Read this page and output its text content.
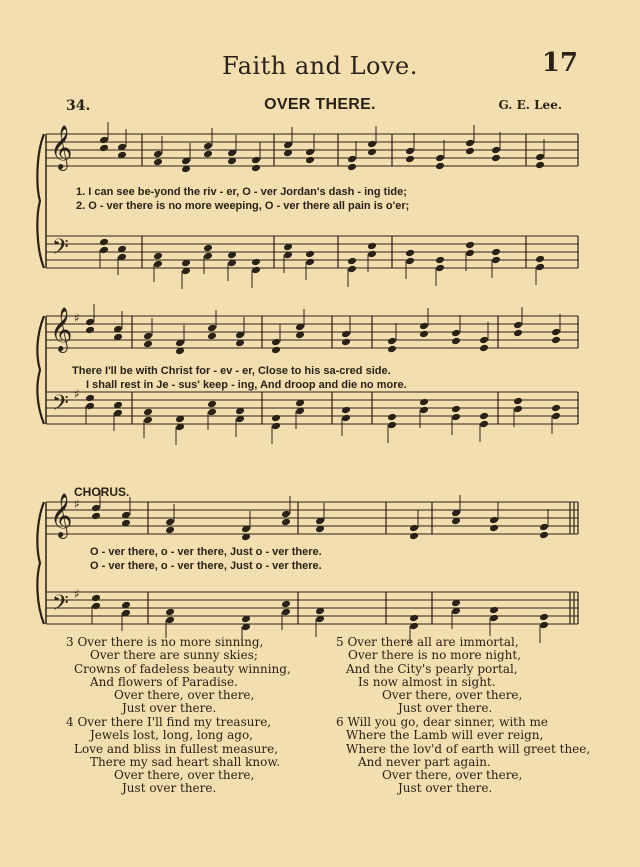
Faith and Love.	17
34.	OVER THERE.	G. E. Lee.
𝄞
𝄢
𝄞
𝄢
♯
♯
𝄞
𝄢
♯
♯
1. I can see be-yond the riv - er, O - ver Jordan's dash - ing tide;
2. O - ver there is no more weeping, O - ver there all pain is o'er;
There I'll be with Christ for - ev - er, Close to his sa-cred side.
I shall rest in Je - sus' keep - ing, And droop and die no more.
CHORUS.
O - ver there, o - ver there, Just o - ver there.
O - ver there, o - ver there, Just o - ver there.
3 Over there is no more sinning,
Over there are sunny skies;
Crowns of fadeless beauty winning,
And flowers of Paradise.
Over there, over there,
Just over there.
5 Over there all are immortal,
Over there is no more night,
And the City's pearly portal,
Is now almost in sight.
Over there, over there,
Just over there.
4 Over there I'll find my treasure,
Jewels lost, long, long ago,
Love and bliss in fullest measure,
There my sad heart shall know.
Over there, over there,
Just over there.
6 Will you go, dear sinner, with me
Where the Lamb will ever reign,
Where the lov'd of earth will greet thee,
And never part again.
Over there, over there,
Just over there.
